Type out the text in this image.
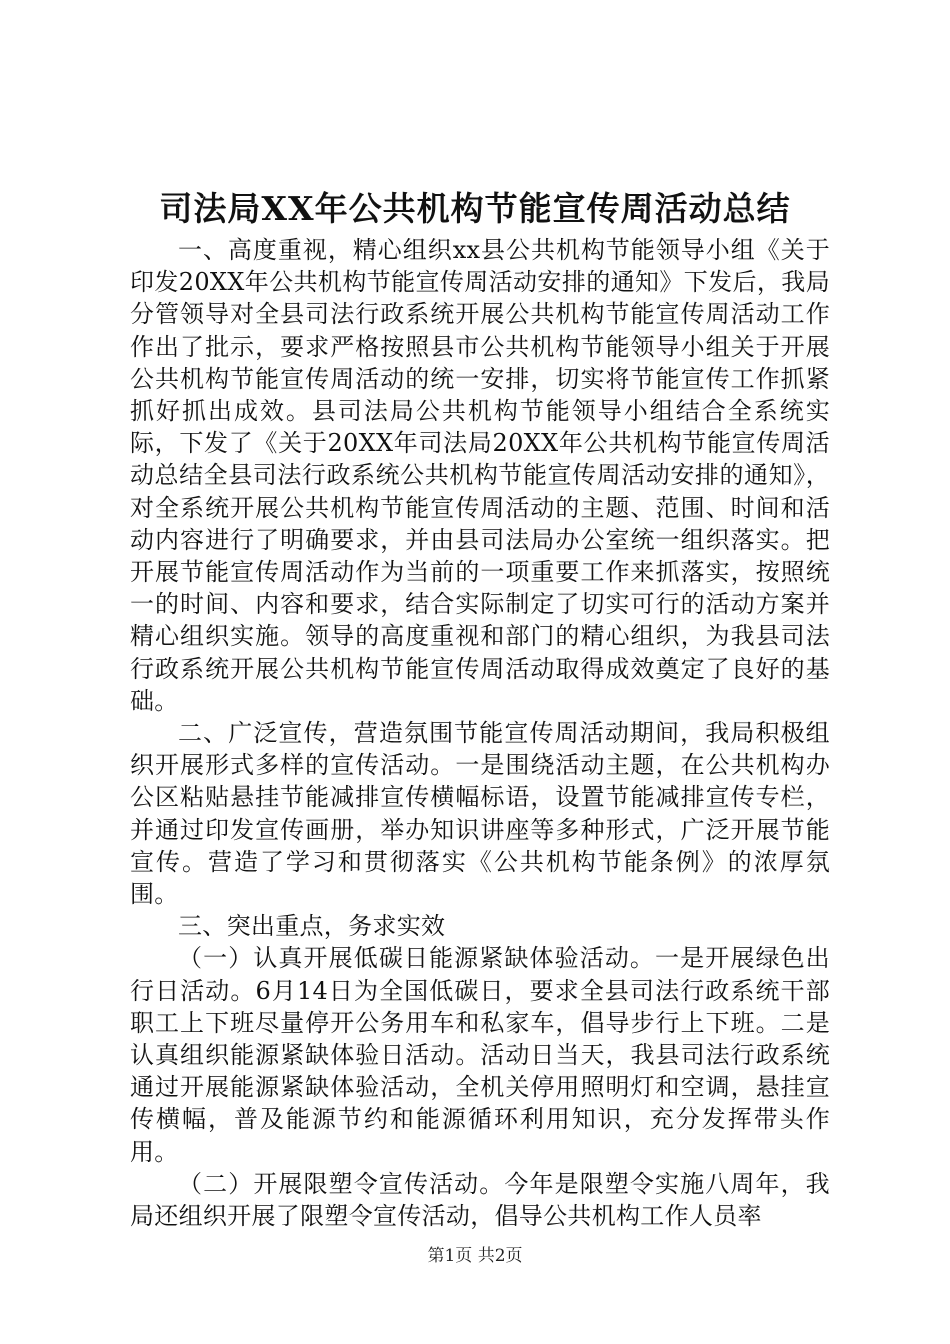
司法局XX年公共机构节能宣传周活动总结

一、高度重视，精心组织xx县公共机构节能领导小组《关于印发20XX年公共机构节能宣传周活动安排的通知》下发后，我局分管领导对全县司法行政系统开展公共机构节能宣传周活动工作作出了批示，要求严格按照县市公共机构节能领导小组关于开展公共机构节能宣传周活动的统一安排，切实将节能宣传工作抓紧抓好抓出成效。县司法局公共机构节能领导小组结合全系统实际，下发了《关于20XX年司法局20XX年公共机构节能宣传周活动总结全县司法行政系统公共机构节能宣传周活动安排的通知》，对全系统开展公共机构节能宣传周活动的主题、范围、时间和活动内容进行了明确要求，并由县司法局办公室统一组织落实。把开展节能宣传周活动作为当前的一项重要工作来抓落实，按照统一的时间、内容和要求，结合实际制定了切实可行的活动方案并精心组织实施。领导的高度重视和部门的精心组织，为我县司法行政系统开展公共机构节能宣传周活动取得成效奠定了良好的基础。

二、广泛宣传，营造氛围节能宣传周活动期间，我局积极组织开展形式多样的宣传活动。一是围绕活动主题，在公共机构办公区粘贴悬挂节能减排宣传横幅标语，设置节能减排宣传专栏，并通过印发宣传画册，举办知识讲座等多种形式，广泛开展节能宣传。营造了学习和贯彻落实《公共机构节能条例》的浓厚氛围。

三、突出重点，务求实效

（一）认真开展低碳日能源紧缺体验活动。一是开展绿色出行日活动。6月14日为全国低碳日，要求全县司法行政系统干部职工上下班尽量停开公务用车和私家车，倡导步行上下班。二是认真组织能源紧缺体验日活动。活动日当天，我县司法行政系统通过开展能源紧缺体验活动，全机关停用照明灯和空调，悬挂宣传横幅，普及能源节约和能源循环利用知识，充分发挥带头作用。

（二）开展限塑令宣传活动。今年是限塑令实施八周年，我局还组织开展了限塑令宣传活动，倡导公共机构工作人员率

第1页 共2页
